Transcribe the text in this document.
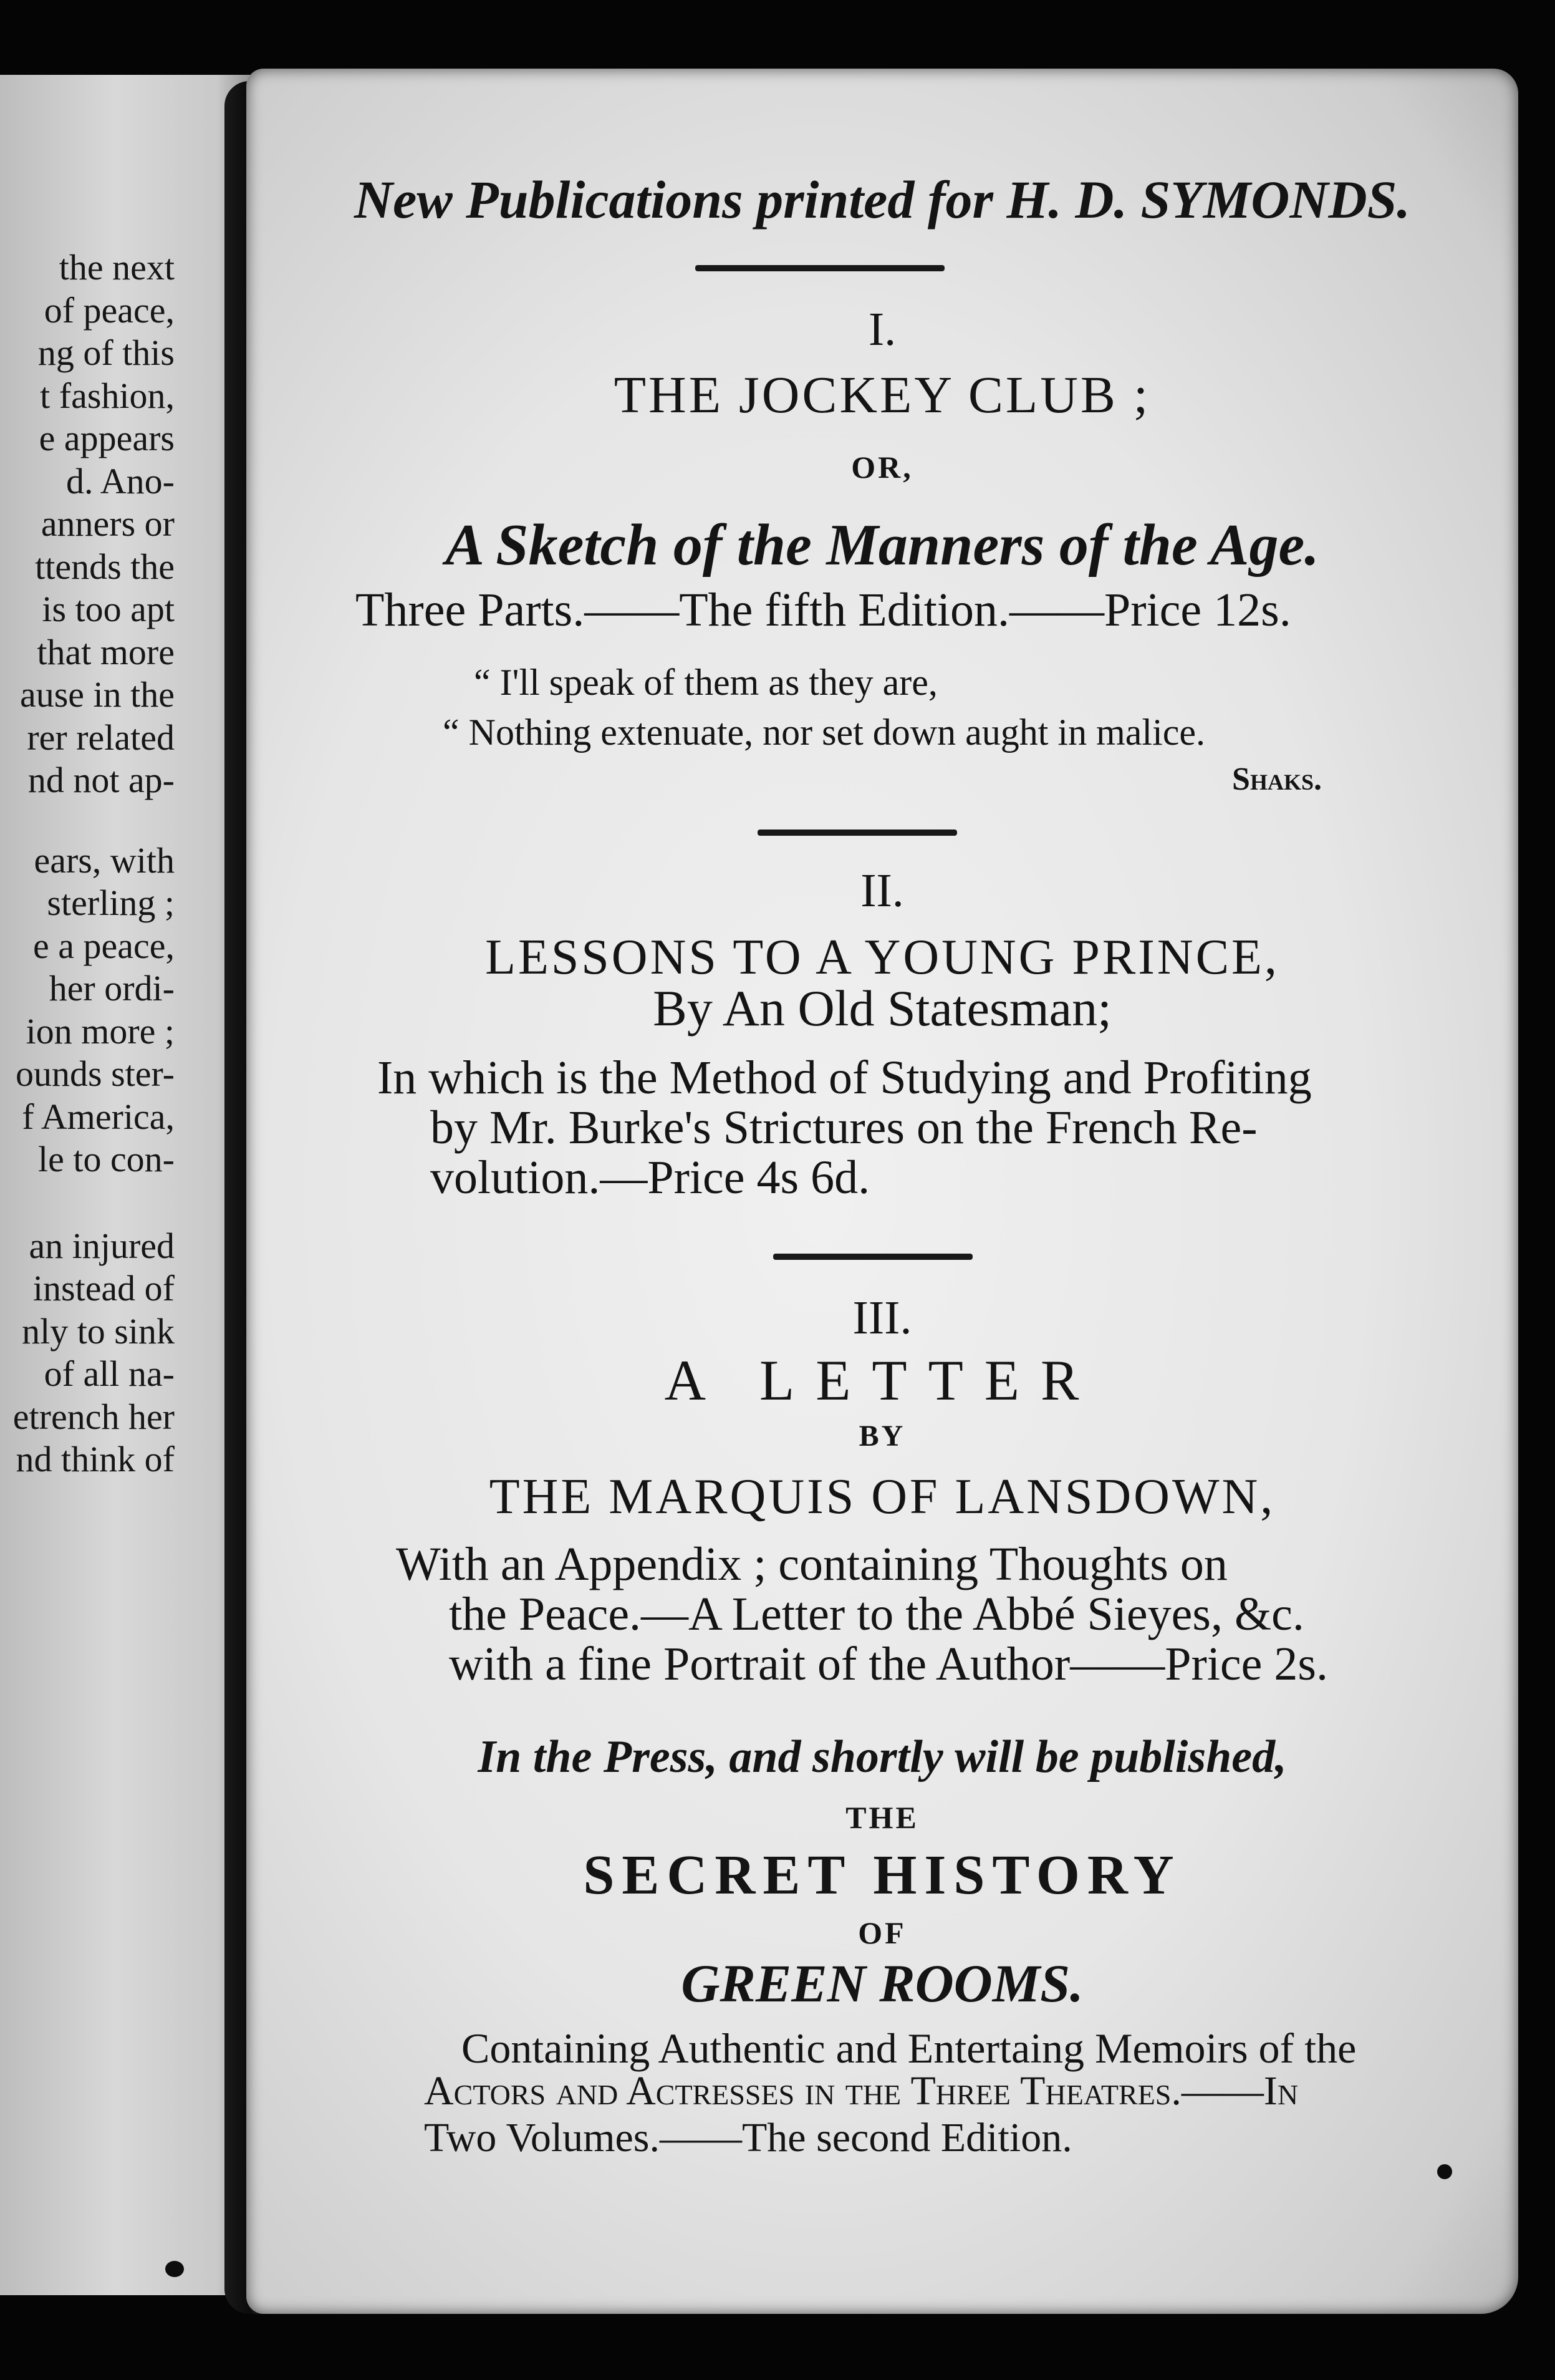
the next
of peace,
ng of this
t fashion,
e appears
d. Ano-
anners or
ttends the
is too apt
that more
ause in the
rer related
nd not ap-
ears, with
sterling ;
e a peace,
her ordi-
ion more ;
ounds ster-
f America,
le to con-
an injured
instead of
nly to sink
of all na-
etrench her
nd think of
New Publications printed for H. D. SYMONDS.
I.
THE JOCKEY CLUB ;
OR,
A Sketch of the Manners of the Age.
Three Parts.——The fifth Edition.——Price 12s.
“ I'll speak of them as they are,
“ Nothing extenuate, nor set down aught in malice.
Shaks.
II.
LESSONS TO A YOUNG PRINCE,
By An Old Statesman;
In which is the Method of Studying and Profiting
by Mr. Burke's Strictures on the French Re-
volution.—Price 4s 6d.
III.
A LETTER
BY
THE MARQUIS OF LANSDOWN,
With an Appendix ; containing Thoughts on
the Peace.—A Letter to the Abbé Sieyes, &c.
with a fine Portrait of the Author——Price 2s.
In the Press, and shortly will be published,
THE
SECRET HISTORY
OF
GREEN ROOMS.
Containing Authentic and Entertaing Memoirs of the
Actors and Actresses in the Three Theatres.——In
Two Volumes.——The second Edition.
